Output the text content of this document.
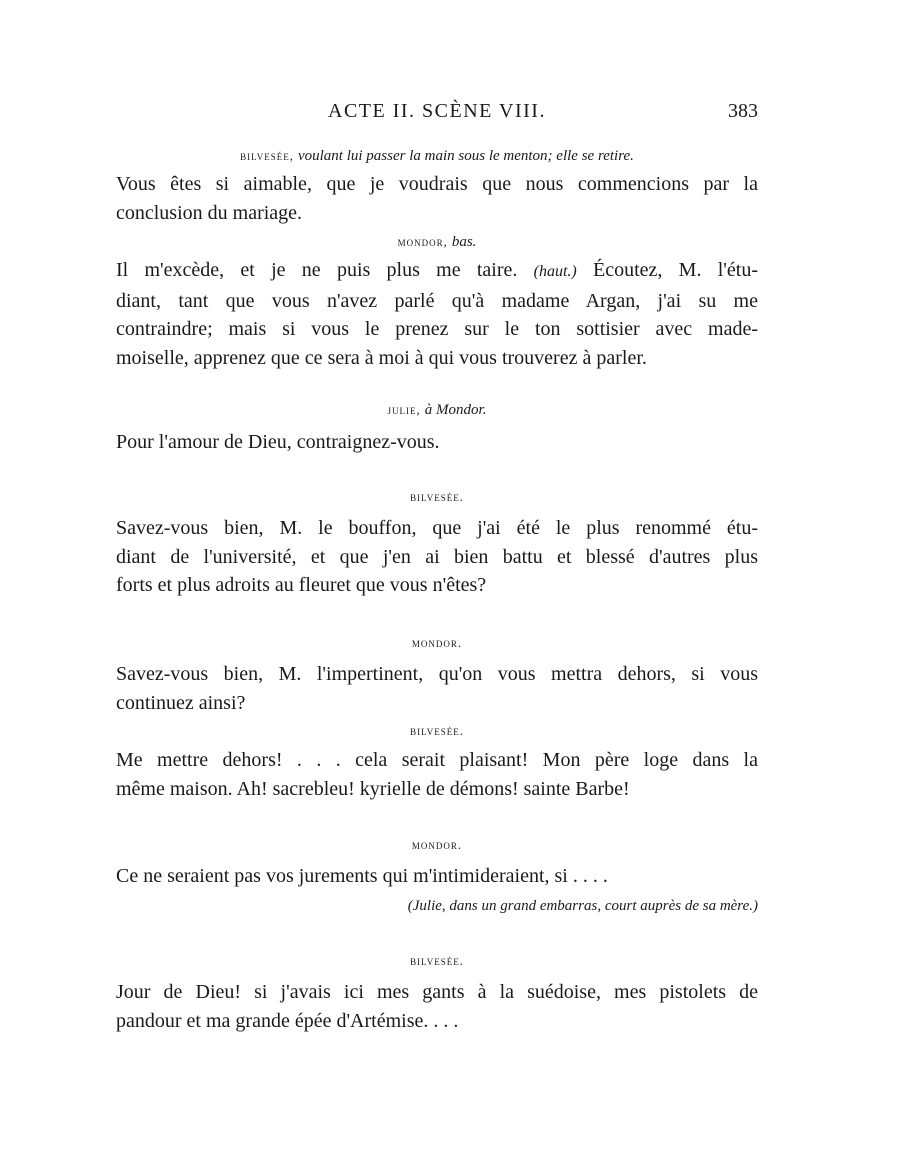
ACTE II. SCÈNE VIII.	383
bilvesée, voulant lui passer la main sous le menton; elle se retire.
Vous êtes si aimable, que je voudrais que nous commencions par la
conclusion du mariage.
mondor, bas.
Il m'excède, et je ne puis plus me taire. (haut.) Écoutez, M. l'étu-
diant, tant que vous n'avez parlé qu'à madame Argan, j'ai su me
contraindre; mais si vous le prenez sur le ton sottisier avec made-
moiselle, apprenez que ce sera à moi à qui vous trouverez à parler.
julie, à Mondor.
Pour l'amour de Dieu, contraignez-vous.
bilvesée.
Savez-vous bien, M. le bouffon, que j'ai été le plus renommé étu-
diant de l'université, et que j'en ai bien battu et blessé d'autres plus
forts et plus adroits au fleuret que vous n'êtes?
mondor.
Savez-vous bien, M. l'impertinent, qu'on vous mettra dehors, si vous
continuez ainsi?
bilvesée.
Me mettre dehors! . . . cela serait plaisant! Mon père loge dans la
même maison. Ah! sacrebleu! kyrielle de démons! sainte Barbe!
mondor.
Ce ne seraient pas vos jurements qui m'intimideraient, si . . . .
(Julie, dans un grand embarras, court auprès de sa mère.)
bilvesée.
Jour de Dieu! si j'avais ici mes gants à la suédoise, mes pistolets de
pandour et ma grande épée d'Artémise. . . .
